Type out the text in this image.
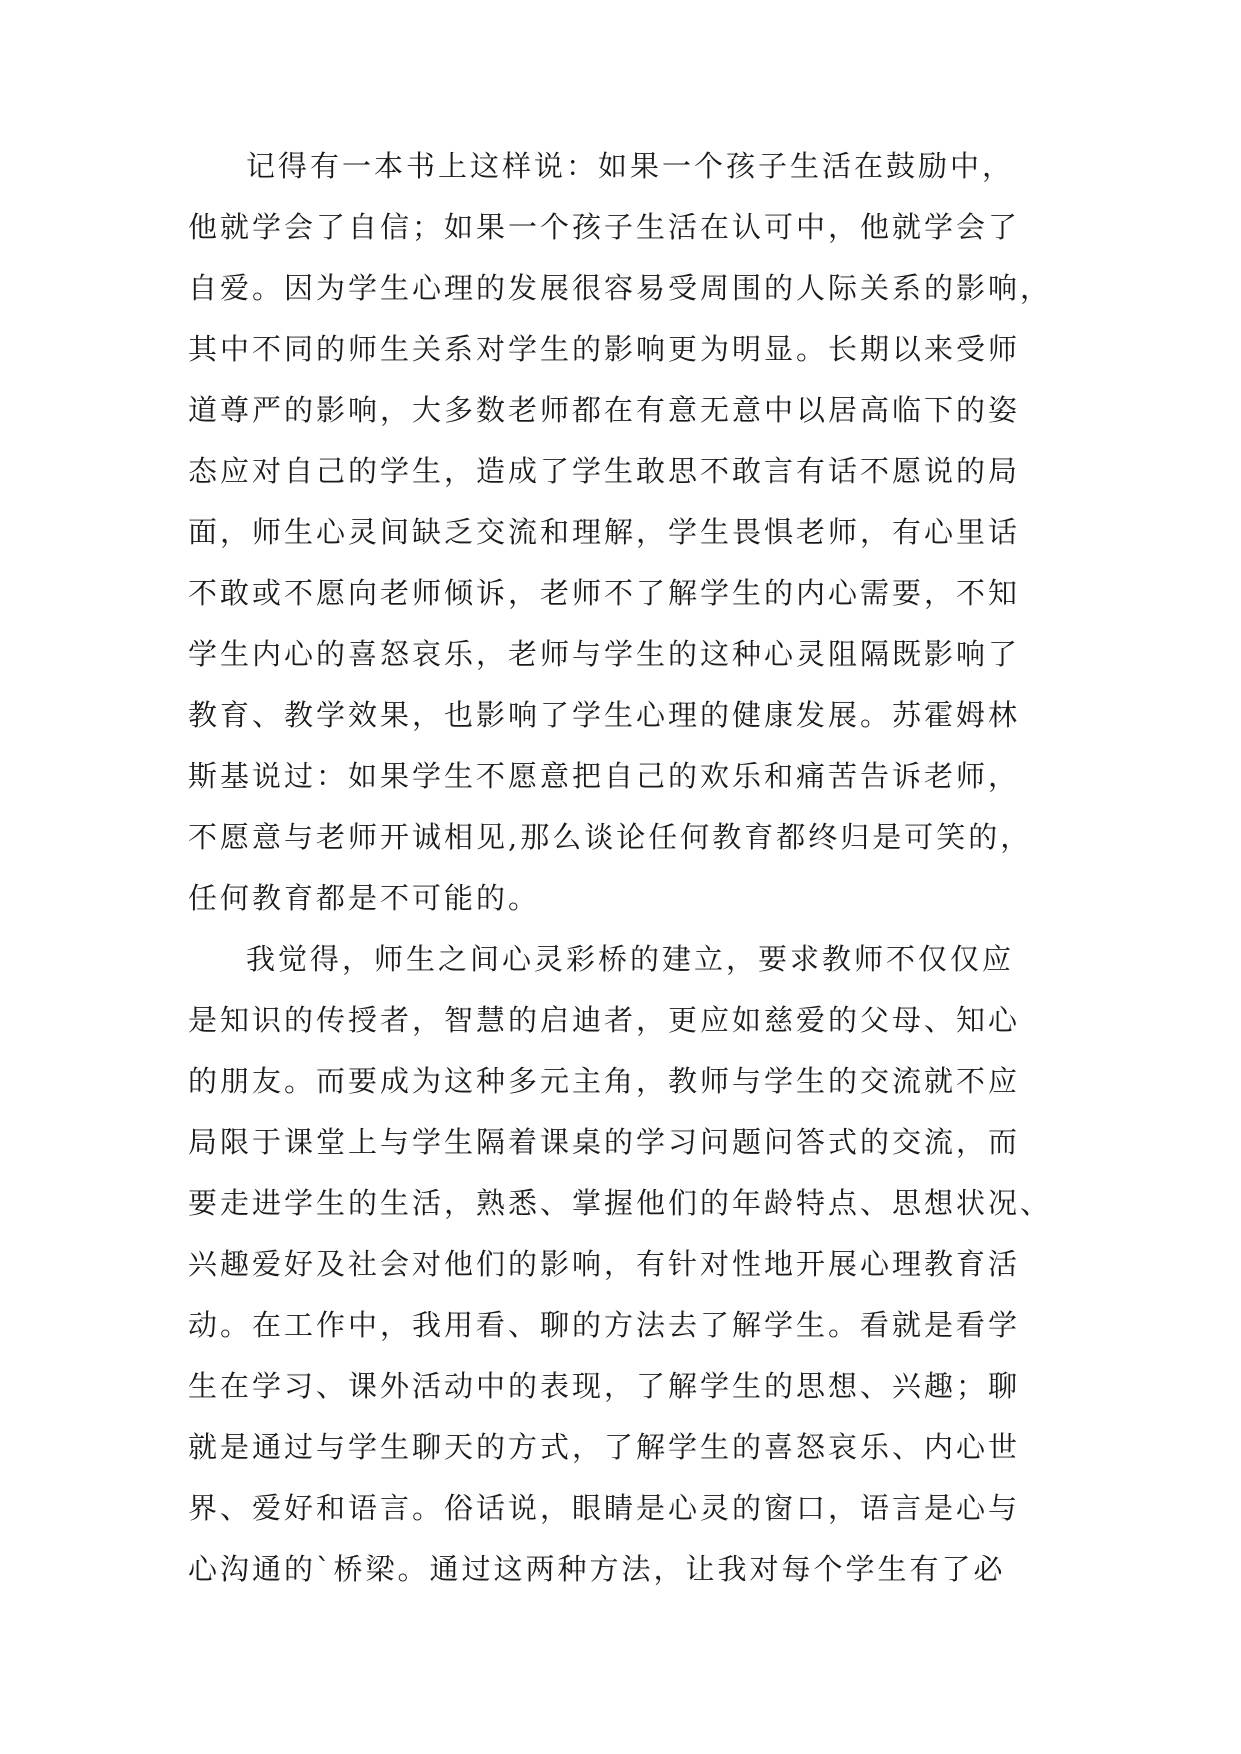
记得有一本书上这样说：如果一个孩子生活在鼓励中，
他就学会了自信；如果一个孩子生活在认可中，他就学会了
自爱。因为学生心理的发展很容易受周围的人际关系的影响，
其中不同的师生关系对学生的影响更为明显。长期以来受师
道尊严的影响，大多数老师都在有意无意中以居高临下的姿
态应对自己的学生，造成了学生敢思不敢言有话不愿说的局
面，师生心灵间缺乏交流和理解，学生畏惧老师，有心里话
不敢或不愿向老师倾诉，老师不了解学生的内心需要，不知
学生内心的喜怒哀乐，老师与学生的这种心灵阻隔既影响了
教育、教学效果，也影响了学生心理的健康发展。苏霍姆林
斯基说过：如果学生不愿意把自己的欢乐和痛苦告诉老师，
不愿意与老师开诚相见,那么谈论任何教育都终归是可笑的，
任何教育都是不可能的。
我觉得，师生之间心灵彩桥的建立，要求教师不仅仅应
是知识的传授者，智慧的启迪者，更应如慈爱的父母、知心
的朋友。而要成为这种多元主角，教师与学生的交流就不应
局限于课堂上与学生隔着课桌的学习问题问答式的交流，而
要走进学生的生活，熟悉、掌握他们的年龄特点、思想状况、
兴趣爱好及社会对他们的影响，有针对性地开展心理教育活
动。在工作中，我用看、聊的方法去了解学生。看就是看学
生在学习、课外活动中的表现，了解学生的思想、兴趣；聊
就是通过与学生聊天的方式，了解学生的喜怒哀乐、内心世
界、爱好和语言。俗话说，眼睛是心灵的窗口，语言是心与
心沟通的`桥梁。通过这两种方法，让我对每个学生有了必
